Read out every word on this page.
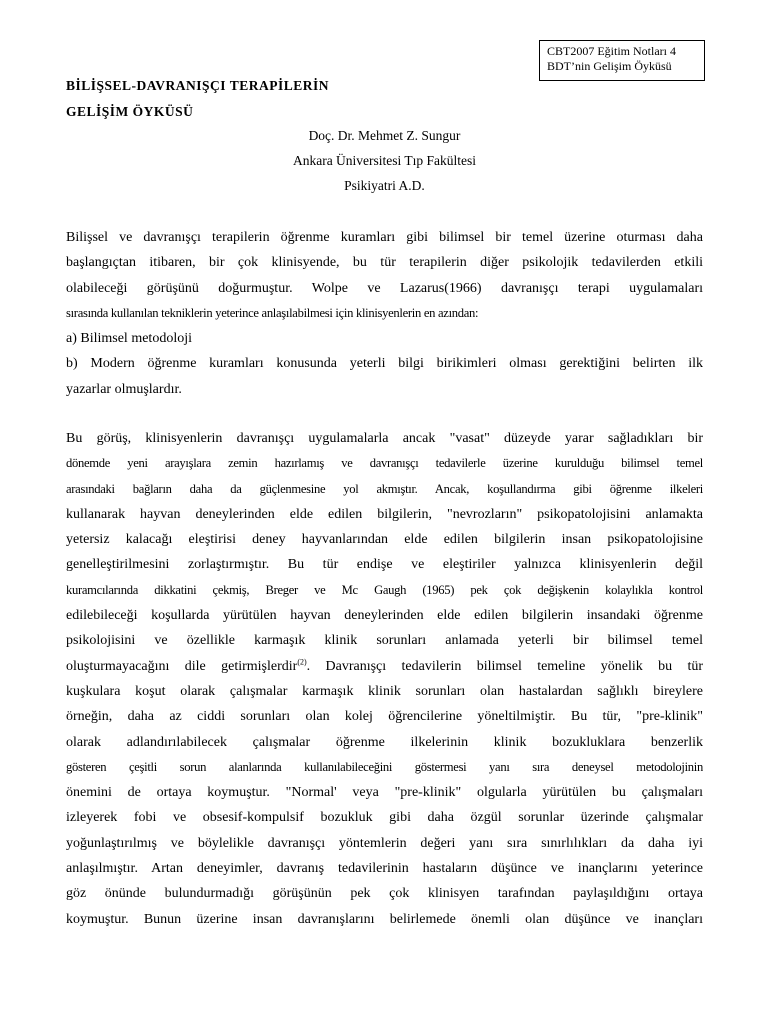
CBT2007 Eğitim Notları 4
BDT’nin Gelişim Öyküsü
BİLİŞSEL-DAVRANIŞÇI TERAPİLERİN
GELİŞİM ÖYKÜSÜ
Doç. Dr. Mehmet Z. Sungur
Ankara Üniversitesi Tıp Fakültesi
Psikiyatri A.D.
Bilişsel ve davranışçı terapilerin öğrenme kuramları gibi bilimsel bir temel üzerine oturması daha
başlangıçtan itibaren, bir çok klinisyende, bu tür terapilerin diğer psikolojik tedavilerden etkili
olabileceği görüşünü doğurmuştur. Wolpe ve Lazarus(1966) davranışçı terapi uygulamaları
sırasında kullanılan tekniklerin yeterince anlaşılabilmesi için klinisyenlerin en azından:
a) Bilimsel metodoloji
b) Modern öğrenme kuramları konusunda yeterli bilgi birikimleri olması gerektiğini belirten ilk
yazarlar olmuşlardır.
Bu görüş, klinisyenlerin davranışçı uygulamalarla ancak "vasat" düzeyde yarar sağladıkları bir
dönemde yeni arayışlara zemin hazırlamış ve davranışçı tedavilerle üzerine kurulduğu bilimsel temel
arasındaki bağların daha da güçlenmesine yol akmıştır. Ancak, koşullandırma gibi öğrenme ilkeleri
kullanarak hayvan deneylerinden elde edilen bilgilerin, "nevrozların" psikopatolojisini anlamakta
yetersiz kalacağı eleştirisi deney hayvanlarından elde edilen bilgilerin insan psikopatolojisine
genelleştirilmesini zorlaştırmıştır. Bu tür endişe ve eleştiriler yalnızca klinisyenlerin değil
kuramcılarında dikkatini çekmiş, Breger ve Mc Gaugh (1965) pek çok değişkenin kolaylıkla kontrol
edilebileceği koşullarda yürütülen hayvan deneylerinden elde edilen bilgilerin insandaki öğrenme
psikolojisini ve özellikle karmaşık klinik sorunları anlamada yeterli bir bilimsel temel
oluşturmayacağını dile getirmişlerdir$^{(2)}$. Davranışçı tedavilerin bilimsel temeline yönelik bu tür
kuşkulara koşut olarak çalışmalar karmaşık klinik sorunları olan hastalardan sağlıklı bireylere
örneğin, daha az ciddi sorunları olan kolej öğrencilerine yöneltilmiştir. Bu tür, "pre-klinik"
olarak adlandırılabilecek çalışmalar öğrenme ilkelerinin klinik bozukluklara benzerlik
gösteren çeşitli sorun alanlarında kullanılabileceğini göstermesi yanı sıra deneysel metodolojinin
önemini de ortaya koymuştur. "Normal' veya "pre-klinik" olgularla yürütülen bu çalışmaları
izleyerek fobi ve obsesif-kompulsif bozukluk gibi daha özgül sorunlar üzerinde çalışmalar
yoğunlaştırılmış ve böylelikle davranışçı yöntemlerin değeri yanı sıra sınırlılıkları da daha iyi
anlaşılmıştır. Artan deneyimler, davranış tedavilerinin hastaların düşünce ve inançlarını yeterince
göz önünde bulundurmadığı görüşünün pek çok klinisyen tarafından paylaşıldığını ortaya
koymuştur. Bunun üzerine insan davranışlarını belirlemede önemli olan düşünce ve inançları
